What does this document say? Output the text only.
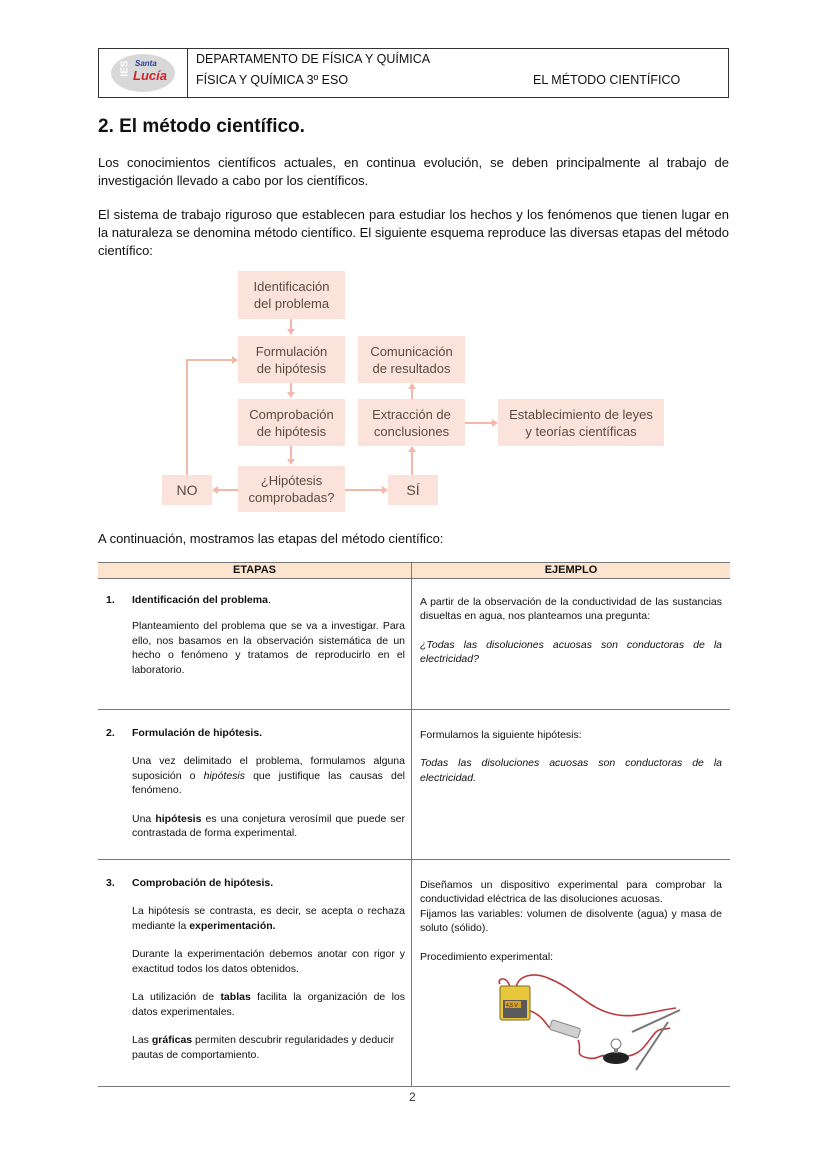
IES Santa
Lucía
DEPARTAMENTO DE FÍSICA Y QUÍMICA
FÍSICA Y QUÍMICA 3º ESO	EL MÉTODO CIENTÍFICO
2. El método científico.

Los conocimientos científicos actuales, en continua evolución, se deben principalmente al trabajo de investigación llevado a cabo por los científicos.

El sistema de trabajo riguroso que establecen para estudiar los hechos y los fenómenos que tienen lugar en la naturaleza se denomina método científico. El siguiente esquema reproduce las diversas etapas del método científico:

Identificación
del problema
Formulación
de hipótesis
Comunicación
de resultados
Comprobación
de hipótesis
Extracción de
conclusiones
Establecimiento de leyes
y teorías científicas
¿Hipótesis
comprobadas?
NO	SÍ

A continuación, mostramos las etapas del método científico:

ETAPAS	EJEMPLO

1. Identificación del problema.
Planteamiento del problema que se va a investigar. Para ello, nos basamos en la observación sistemática de un hecho o fenómeno y tratamos de reproducirlo en el laboratorio.

A partir de la observación de la conductividad de las sustancias disueltas en agua, nos planteamos una pregunta:

¿Todas las disoluciones acuosas son conductoras de la electricidad?

2. Formulación de hipótesis.
Una vez delimitado el problema, formulamos alguna suposición o hipótesis que justifique las causas del fenómeno.
Una hipótesis es una conjetura verosímil que puede ser contrastada de forma experimental.

Formulamos la siguiente hipótesis:

Todas las disoluciones acuosas son conductoras de la electricidad.

3. Comprobación de hipótesis.
La hipótesis se contrasta, es decir, se acepta o rechaza mediante la experimentación.
Durante la experimentación debemos anotar con rigor y exactitud todos los datos obtenidos.
La utilización de tablas facilita la organización de los datos experimentales.
Las gráficas permiten descubrir regularidades y deducir pautas de comportamiento.

Diseñamos un dispositivo experimental para comprobar la conductividad eléctrica de las disoluciones acuosas.

Fijamos las variables: volumen de disolvente (agua) y masa de soluto (sólido).

Procedimiento experimental:

4,5 V
2
